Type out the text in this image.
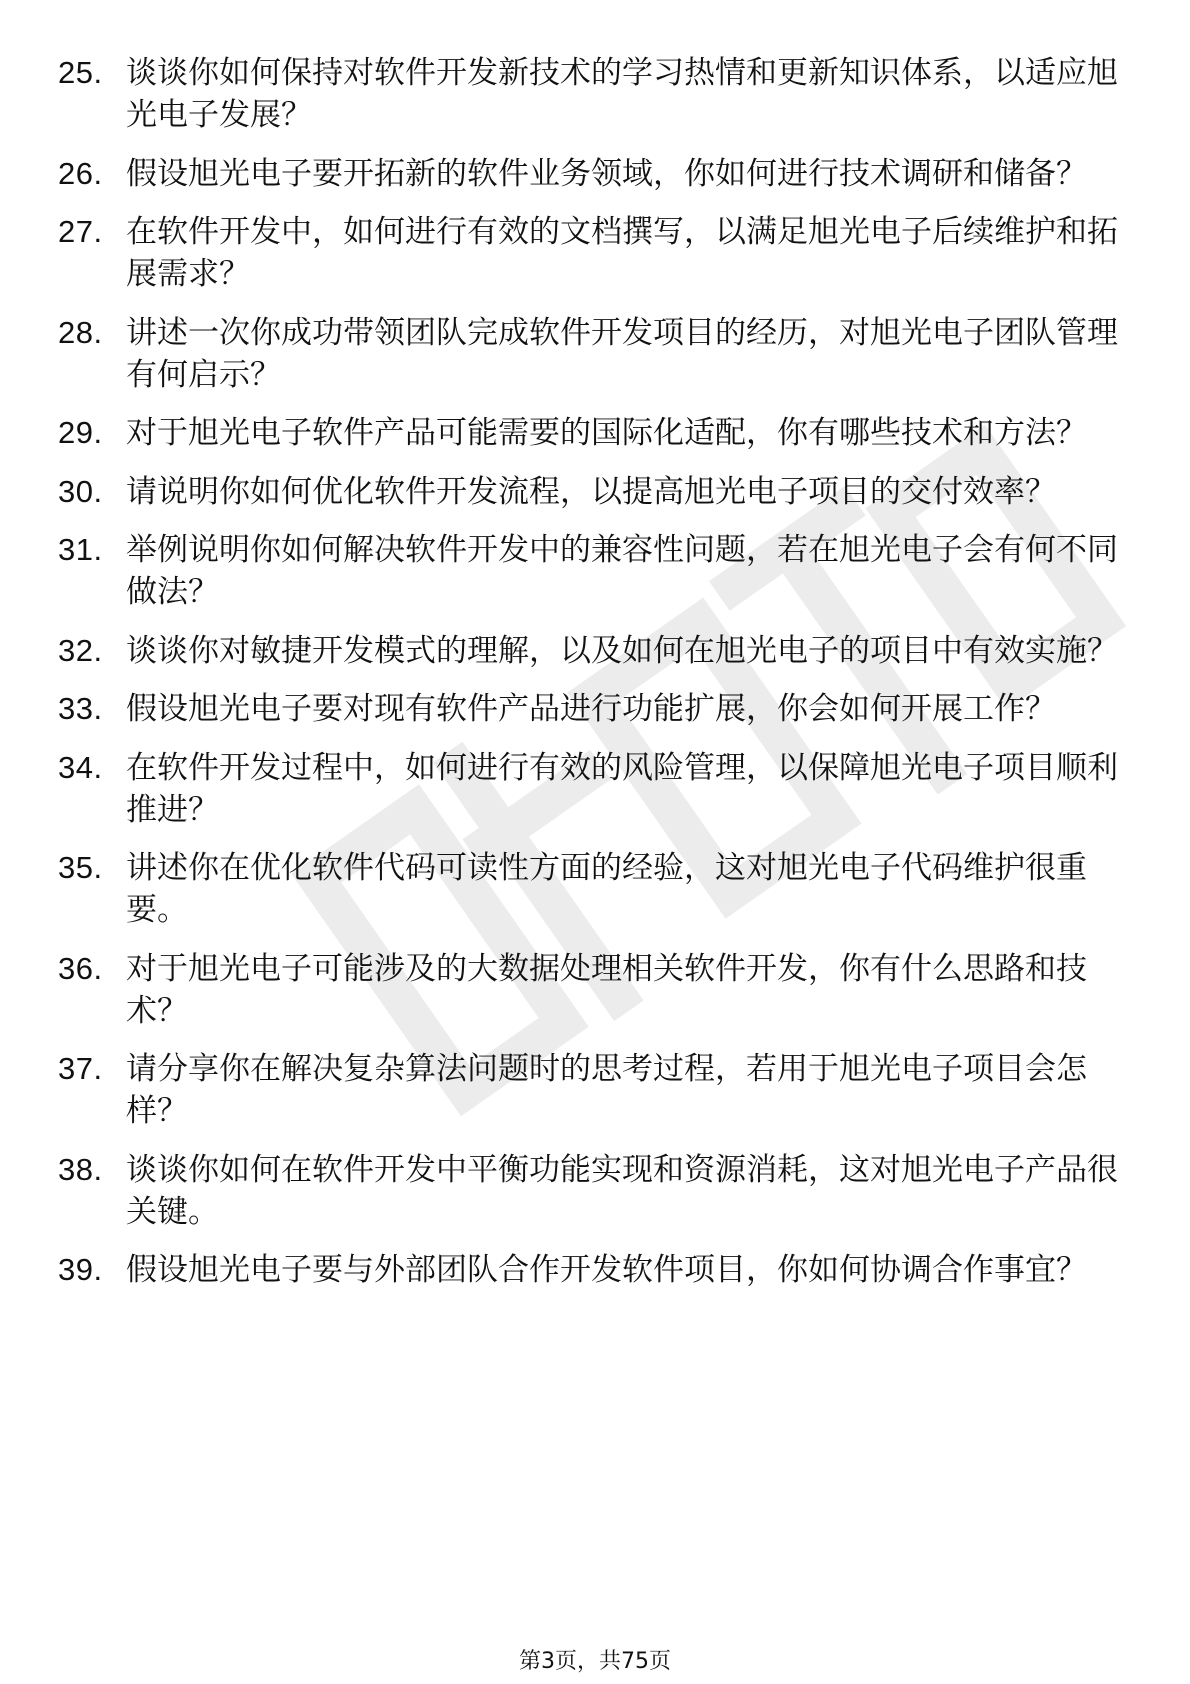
25. 谈谈你如何保持对软件开发新技术的学习热情和更新知识体系，以适应旭光电子发展？
26. 假设旭光电子要开拓新的软件业务领域，你如何进行技术调研和储备？
27. 在软件开发中，如何进行有效的文档撰写，以满足旭光电子后续维护和拓展需求？
28. 讲述一次你成功带领团队完成软件开发项目的经历，对旭光电子团队管理有何启示？
29. 对于旭光电子软件产品可能需要的国际化适配，你有哪些技术和方法？
30. 请说明你如何优化软件开发流程，以提高旭光电子项目的交付效率？
31. 举例说明你如何解决软件开发中的兼容性问题，若在旭光电子会有何不同做法？
32. 谈谈你对敏捷开发模式的理解，以及如何在旭光电子的项目中有效实施？
33. 假设旭光电子要对现有软件产品进行功能扩展，你会如何开展工作？
34. 在软件开发过程中，如何进行有效的风险管理，以保障旭光电子项目顺利推进？
35. 讲述你在优化软件代码可读性方面的经验，这对旭光电子代码维护很重要。
36. 对于旭光电子可能涉及的大数据处理相关软件开发，你有什么思路和技术？
37. 请分享你在解决复杂算法问题时的思考过程，若用于旭光电子项目会怎样？
38. 谈谈你如何在软件开发中平衡功能实现和资源消耗，这对旭光电子产品很关键。
39. 假设旭光电子要与外部团队合作开发软件项目，你如何协调合作事宜？
第3页，共75页
